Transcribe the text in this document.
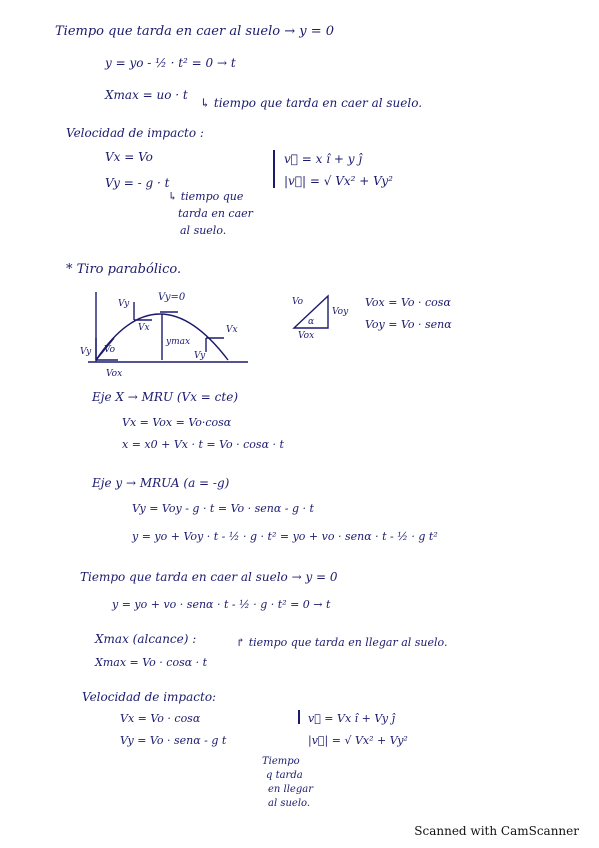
Tiempo que tarda en caer al suelo → y = 0
y = yo - ½ · t² = 0 → t
Xmax = uo · t
↳ tiempo que tarda en caer al suelo.
Velocidad de impacto :
Vx = Vo
Vy = - g · t
↳ tiempo que
tarda en caer
al suelo.
v⃗ = x î + y ĵ
|v⃗| = √ Vx² + Vy²
* Tiro parabólico.
Vy=0
Vy
Vx	Vx
ymax
Vo
Vy
Vy
Vox
Vo
α
Voy
Vox
Vox = Vo · cosα
Voy = Vo · senα
Eje X → MRU (Vx = cte)
Vx = Vox = Vo·cosα
x = x0 + Vx · t = Vo · cosα · t
Eje y → MRUA (a = -g)
Vy = Voy - g · t = Vo · senα - g · t
y = yo + Voy · t - ½ · g · t² = yo + vo · senα · t - ½ · g t²
Tiempo que tarda en caer al suelo → y = 0
y = yo + vo · senα · t - ½ · g · t² = 0 → t
Xmax (alcance) :	↱ tiempo que tarda en llegar al suelo.
Xmax = Vo · cosα · t
Velocidad de impacto:
Vx = Vo · cosα
Vy = Vo · senα - g t
v⃗ = Vx î + Vy ĵ
|v⃗| = √ Vx² + Vy²
Tiempo
q tarda
en llegar
al suelo.
Scanned with CamScanner
